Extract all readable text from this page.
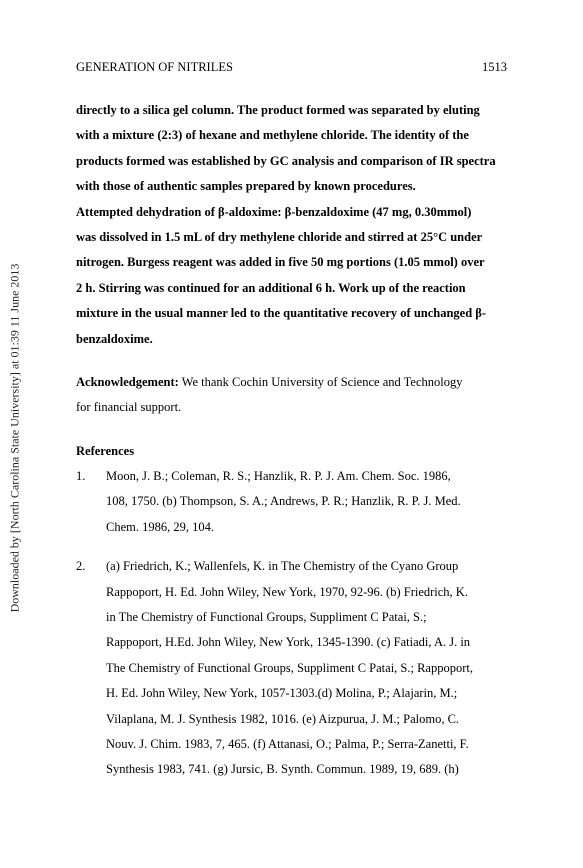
GENERATION OF NITRILES	1513
Downloaded by [North Carolina State University] at 01:39 11 June 2013
directly to a silica gel column. The product formed was separated by eluting
with a mixture (2:3) of hexane and methylene chloride. The identity of the
products formed was established by GC analysis and comparison of IR spectra
with those of authentic samples prepared by known procedures.
Attempted dehydration of β-aldoxime: β-benzaldoxime (47 mg, 0.30mmol)
was dissolved in 1.5 mL of dry methylene chloride and stirred at 25°C under
nitrogen. Burgess reagent was added in five 50 mg portions (1.05 mmol) over
2 h. Stirring was continued for an additional 6 h. Work up of the reaction
mixture in the usual manner led to the quantitative recovery of unchanged β-
benzaldoxime.
Acknowledgement: We thank Cochin University of Science and Technology
for financial support.
References
1. Moon, J. B.; Coleman, R. S.; Hanzlik, R. P. J. Am. Chem. Soc. 1986,
108, 1750. (b) Thompson, S. A.; Andrews, P. R.; Hanzlik, R. P. J. Med.
Chem. 1986, 29, 104.
2. (a) Friedrich, K.; Wallenfels, K. in The Chemistry of the Cyano Group
Rappoport, H. Ed. John Wiley, New York, 1970, 92-96. (b) Friedrich, K.
in The Chemistry of Functional Groups, Suppliment C Patai, S.;
Rappoport, H.Ed. John Wiley, New York, 1345-1390. (c) Fatiadi, A. J. in
The Chemistry of Functional Groups, Suppliment C Patai, S.; Rappoport,
H. Ed. John Wiley, New York, 1057-1303.(d) Molina, P.; Alajarin, M.;
Vilaplana, M. J. Synthesis 1982, 1016. (e) Aizpurua, J. M.; Palomo, C.
Nouv. J. Chim. 1983, 7, 465. (f) Attanasi, O.; Palma, P.; Serra-Zanetti, F.
Synthesis 1983, 741. (g) Jursic, B. Synth. Commun. 1989, 19, 689. (h)
